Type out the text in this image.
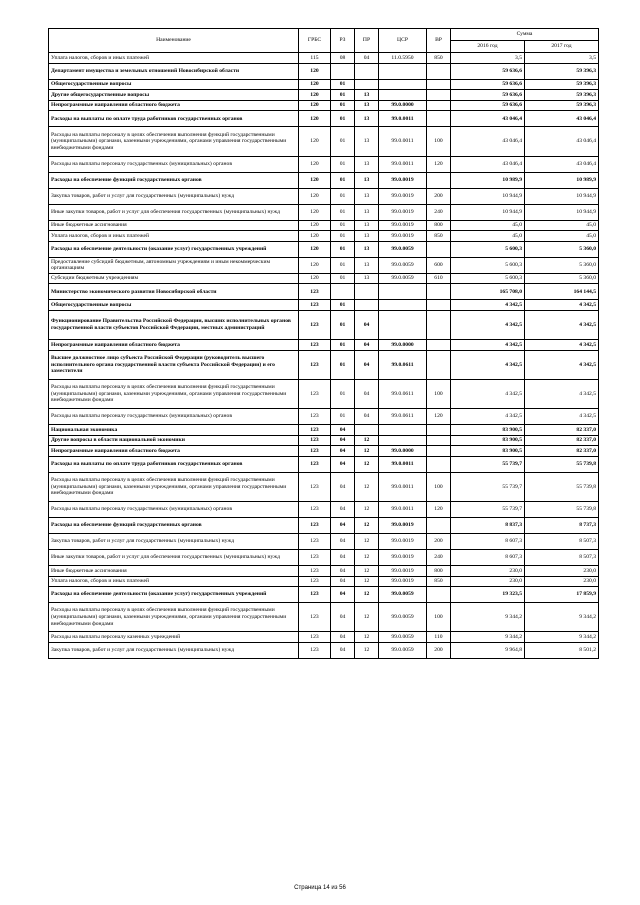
Наименование	ГРБС	РЗ	ПР	ЦСР	ВР	Сумма	
						2016 год	2017 год
Уплата налогов, сборов и иных платежей	115	08	04	11.0.5950	850	3,5	3,5
Департамент имущества и земельных отношений Новосибирской области	120					59 636,6	59 396,3
Общегосударственные вопросы	120	01				59 636,6	59 396,3
Другие общегосударственные вопросы	120	01	13			59 636,6	59 396,3
Непрограммные направления областного бюджета	120	01	13	99.0.0000		59 636,6	59 396,3
Расходы на выплаты по оплате труда работников государственных органов	120	01	13	99.0.0011		43 046,4	43 046,4
Расходы на выплаты персоналу в целях обеспечения выполнения функций государственными (муниципальными) органами, казенными учреждениями, органами управления государственными внебюджетными фондами	120	01	13	99.0.0011	100	43 046,4	43 046,4
Расходы на выплаты персоналу государственных (муниципальных) органов	120	01	13	99.0.0011	120	43 046,4	43 046,4
Расходы на обеспечение функций государственных органов	120	01	13	99.0.0019		10 989,9	10 989,9
Закупка товаров, работ и услуг для государственных (муниципальных) нужд	120	01	13	99.0.0019	200	10 944,9	10 944,9
Иные закупки товаров, работ и услуг для обеспечения государственных (муниципальных) нужд	120	01	13	99.0.0019	240	10 944,9	10 944,9
Иные бюджетные ассигнования	120	01	13	99.0.0019	800	45,0	45,0
Уплата налогов, сборов и иных платежей	120	01	13	99.0.0019	850	45,0	45,0
Расходы на обеспечение деятельности (оказание услуг) государственных учреждений	120	01	13	99.0.0059		5 600,3	5 360,0
Предоставление субсидий бюджетным, автономным учреждениям и иным некоммерческим организациям	120	01	13	99.0.0059	600	5 600,3	5 360,0
Субсидии бюджетным учреждениям	120	01	13	99.0.0059	610	5 600,3	5 360,0
Министерство экономического развития Новосибирской области	123					165 708,0	164 144,5
Общегосударственные вопросы	123	01				4 342,5	4 342,5
Функционирование Правительства Российской Федерации, высших исполнительных органов государственной власти субъектов Российской Федерации, местных администраций	123	01	04			4 342,5	4 342,5
Непрограммные направления областного бюджета	123	01	04	99.0.0000		4 342,5	4 342,5
Высшее должностное лицо субъекта Российской Федерации (руководитель высшего исполнительного органа государственной власти субъекта Российской Федерации) и его заместители	123	01	04	99.0.0611		4 342,5	4 342,5
Расходы на выплаты персоналу в целях обеспечения выполнения функций государственными (муниципальными) органами, казенными учреждениями, органами управления государственными внебюджетными фондами	123	01	04	99.0.0611	100	4 342,5	4 342,5
Расходы на выплаты персоналу государственных (муниципальных) органов	123	01	04	99.0.0611	120	4 342,5	4 342,5
Национальная экономика	123	04				83 900,5	82 337,0
Другие вопросы в области национальной экономики	123	04	12			83 900,5	82 337,0
Непрограммные направления областного бюджета	123	04	12	99.0.0000		83 900,5	82 337,0
Расходы на выплаты по оплате труда работников государственных органов	123	04	12	99.0.0011		55 739,7	55 739,8
Расходы на выплаты персоналу в целях обеспечения выполнения функций государственными (муниципальными) органами, казенными учреждениями, органами управления государственными внебюджетными фондами	123	04	12	99.0.0011	100	55 739,7	55 739,8
Расходы на выплаты персоналу государственных (муниципальных) органов	123	04	12	99.0.0011	120	55 739,7	55 739,8
Расходы на обеспечение функций государственных органов	123	04	12	99.0.0019		8 837,3	8 737,3
Закупка товаров, работ и услуг для государственных (муниципальных) нужд	123	04	12	99.0.0019	200	8 607,3	8 507,3
Иные закупки товаров, работ и услуг для обеспечения государственных (муниципальных) нужд	123	04	12	99.0.0019	240	8 607,3	8 507,3
Иные бюджетные ассигнования	123	04	12	99.0.0019	800	230,0	230,0
Уплата налогов, сборов и иных платежей	123	04	12	99.0.0019	850	230,0	230,0
Расходы на обеспечение деятельности (оказание услуг) государственных учреждений	123	04	12	99.0.0059		19 323,5	17 859,9
Расходы на выплаты персоналу в целях обеспечения выполнения функций государственными (муниципальными) органами, казенными учреждениями, органами управления государственными внебюджетными фондами	123	04	12	99.0.0059	100	9 344,2	9 344,2
Расходы на выплаты персоналу казенных учреждений	123	04	12	99.0.0059	110	9 344,2	9 344,2
Закупка товаров, работ и услуг для государственных (муниципальных) нужд	123	04	12	99.0.0059	200	9 964,8	8 501,2
Страница 14 из 56
